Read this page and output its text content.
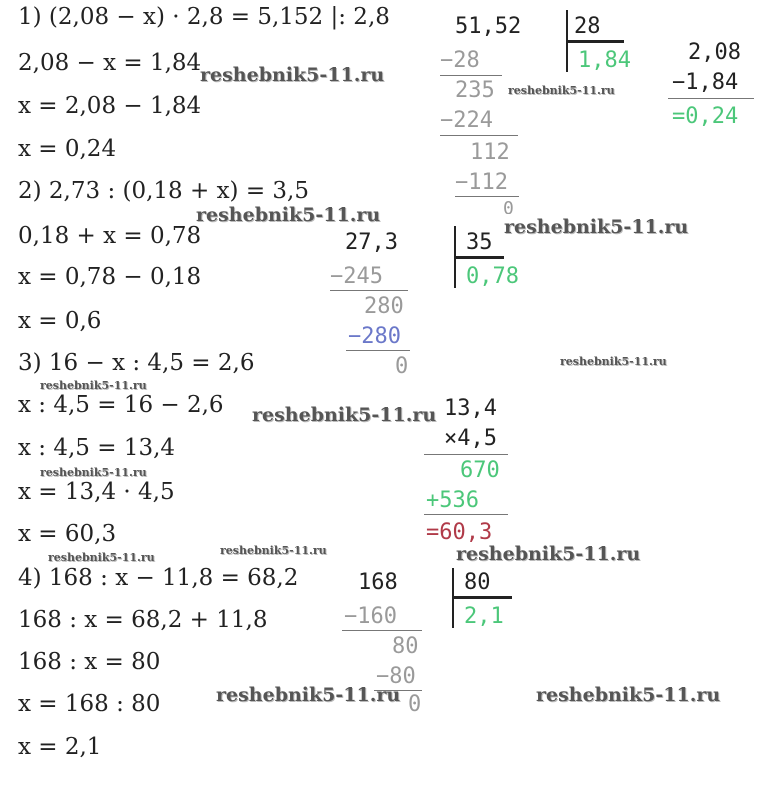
1) (2,08 − x) · 2,8 = 5,152 |: 2,8
2,08 − x = 1,84
x = 2,08 − 1,84
x = 0,24
2) 2,73 : (0,18 + x) = 3,5
0,18 + x = 0,78
x = 0,78 − 0,18
x = 0,6
3) 16 − x : 4,5 = 2,6
x : 4,5 = 16 − 2,6
x : 4,5 = 13,4
x = 13,4 · 4,5
x = 60,3
4) 168 : x − 11,8 = 68,2
168 : x = 68,2 + 11,8
168 : x = 80
x = 168 : 80
x = 2,1
51,52 28
1,84
−28
235
−224
112
−112
0
2,08
−1,84
=0,24
27,3	35
0,78
−245
280
−280
0
13,4
×4,5
670
+536
=60,3
168	80
2,1
−160
80
−80
0
reshebnik5-11.ru
reshebnik5-11.ru
reshebnik5-11.ru
reshebnik5-11.ru
reshebnik5-11.ru
reshebnik5-11.ru
reshebnik5-11.ru
reshebnik5-11.ru
reshebnik5-11.ru
reshebnik5-11.ru	reshebnik5-11.ru
reshebnik5-11.ru	reshebnik5-11.ru
